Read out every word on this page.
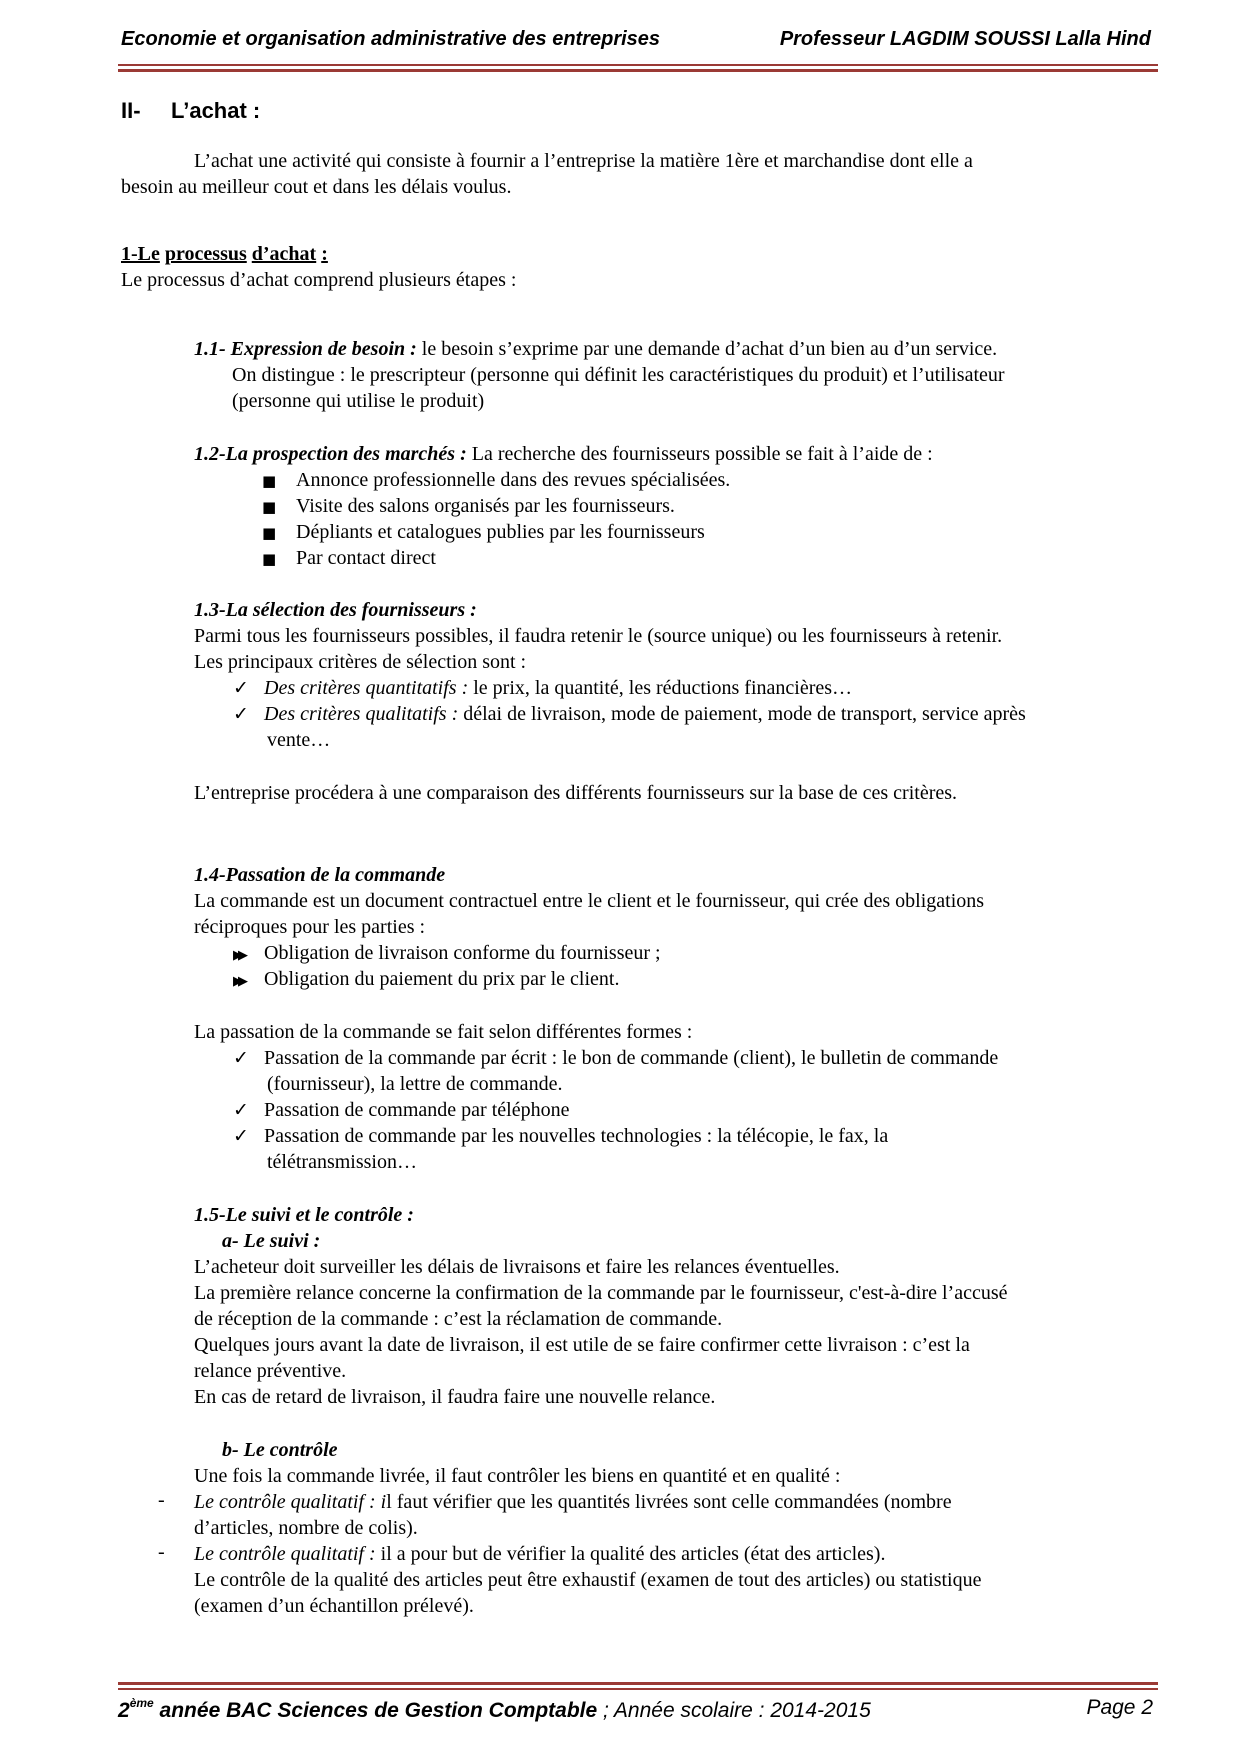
Economie et organisation administrative des entreprises	Professeur LAGDIM SOUSSI Lalla Hind
II- L’achat :
L’achat une activité qui consiste à fournir a l’entreprise la matière 1ère et marchandise dont elle a
besoin au meilleur cout et dans les délais voulus.
1-Le processus d’achat :
Le processus d’achat comprend plusieurs étapes :
1.1- Expression de besoin : le besoin s’exprime par une demande d’achat d’un bien au d’un service.
On distingue : le prescripteur (personne qui définit les caractéristiques du produit) et l’utilisateur
(personne qui utilise le produit)
1.2-La prospection des marchés : La recherche des fournisseurs possible se fait à l’aide de :
■ Annonce professionnelle dans des revues spécialisées.
■ Visite des salons organisés par les fournisseurs.
■ Dépliants et catalogues publies par les fournisseurs
■ Par contact direct
1.3-La sélection des fournisseurs :
Parmi tous les fournisseurs possibles, il faudra retenir le (source unique) ou les fournisseurs à retenir.
Les principaux critères de sélection sont :
✓ Des critères quantitatifs : le prix, la quantité, les réductions financières…
✓ Des critères qualitatifs : délai de livraison, mode de paiement, mode de transport, service après
vente…
L’entreprise procédera à une comparaison des différents fournisseurs sur la base de ces critères.
1.4-Passation de la commande
La commande est un document contractuel entre le client et le fournisseur, qui crée des obligations
réciproques pour les parties :
▶▶ Obligation de livraison conforme du fournisseur ;
▶▶ Obligation du paiement du prix par le client.
La passation de la commande se fait selon différentes formes :
✓ Passation de la commande par écrit : le bon de commande (client), le bulletin de commande
(fournisseur), la lettre de commande.
✓ Passation de commande par téléphone
✓ Passation de commande par les nouvelles technologies : la télécopie, le fax, la
télétransmission…
1.5-Le suivi et le contrôle :
a- Le suivi :
L’acheteur doit surveiller les délais de livraisons et faire les relances éventuelles.
La première relance concerne la confirmation de la commande par le fournisseur, c'est-à-dire l’accusé
de réception de la commande : c’est la réclamation de commande.
Quelques jours avant la date de livraison, il est utile de se faire confirmer cette livraison : c’est la
relance préventive.
En cas de retard de livraison, il faudra faire une nouvelle relance.
b- Le contrôle
Une fois la commande livrée, il faut contrôler les biens en quantité et en qualité :
- Le contrôle qualitatif : il faut vérifier que les quantités livrées sont celle commandées (nombre
d’articles, nombre de colis).
- Le contrôle qualitatif : il a pour but de vérifier la qualité des articles (état des articles).
Le contrôle de la qualité des articles peut être exhaustif (examen de tout des articles) ou statistique
(examen d’un échantillon prélevé).
2ème année BAC Sciences de Gestion Comptable ; Année scolaire : 2014-2015	Page 2
